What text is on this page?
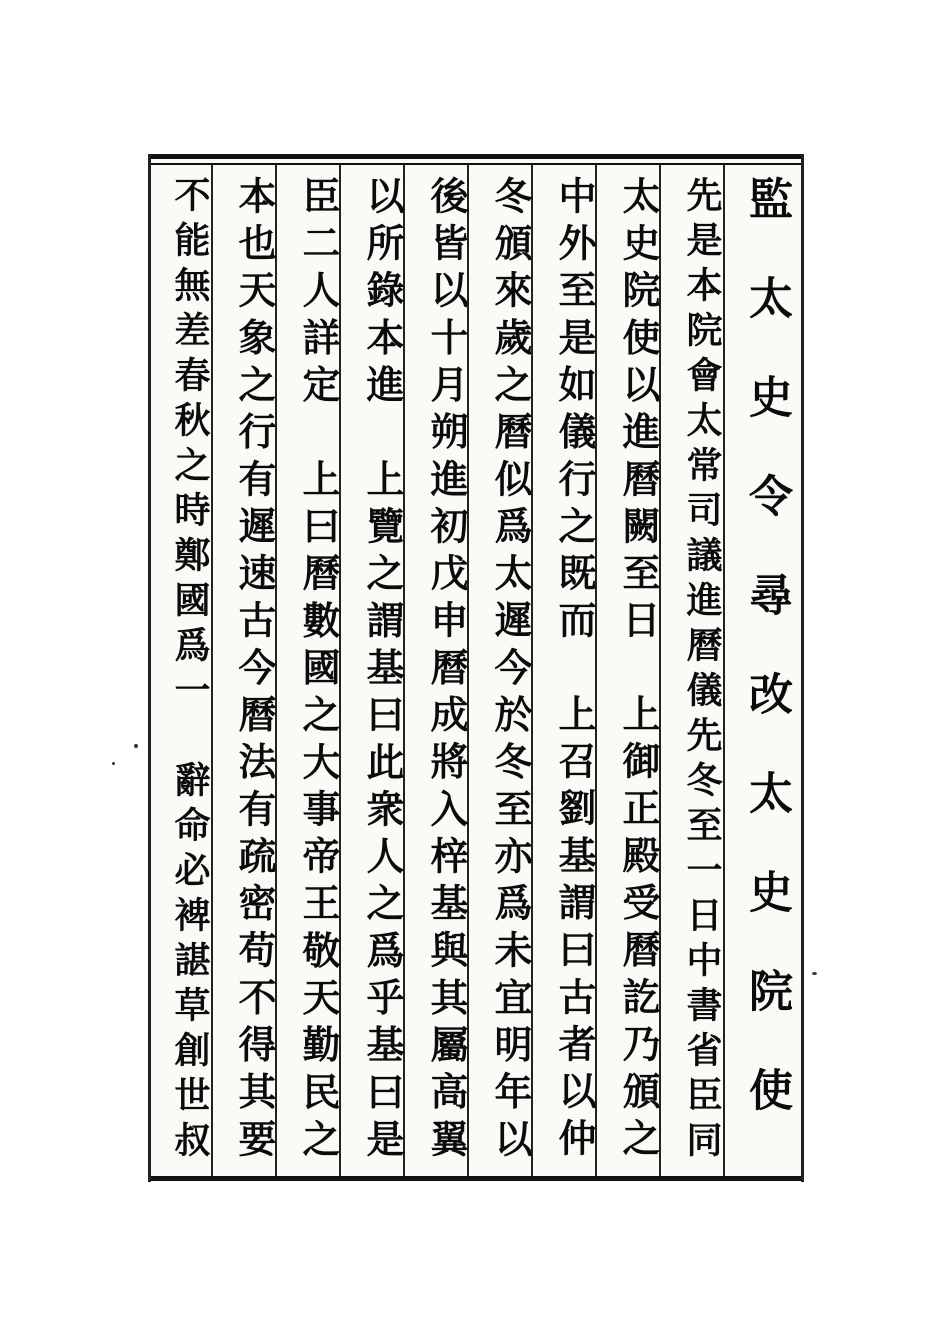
監太史令尋改太史院使
先是本院會太常司議進曆儀先冬至一日中書省臣同
太史院使以進曆闕至日
上御正殿受曆訖乃頒之
中外至是如儀行之既而
上召劉基謂曰古者以仲
冬頒來歲之曆似爲太遲今於冬至亦爲未宜明年以
後皆以十月朔進初戊申曆成將入梓基與其屬高翼
以所錄本進
上覽之謂基曰此衆人之爲乎基曰是
臣二人詳定
上曰曆數國之大事帝王敬天勤民之
本也天象之行有遲速古今曆法有疏密苟不得其要
不能無差春秋之時鄭國爲一
辭命必裨諶草創世叔
